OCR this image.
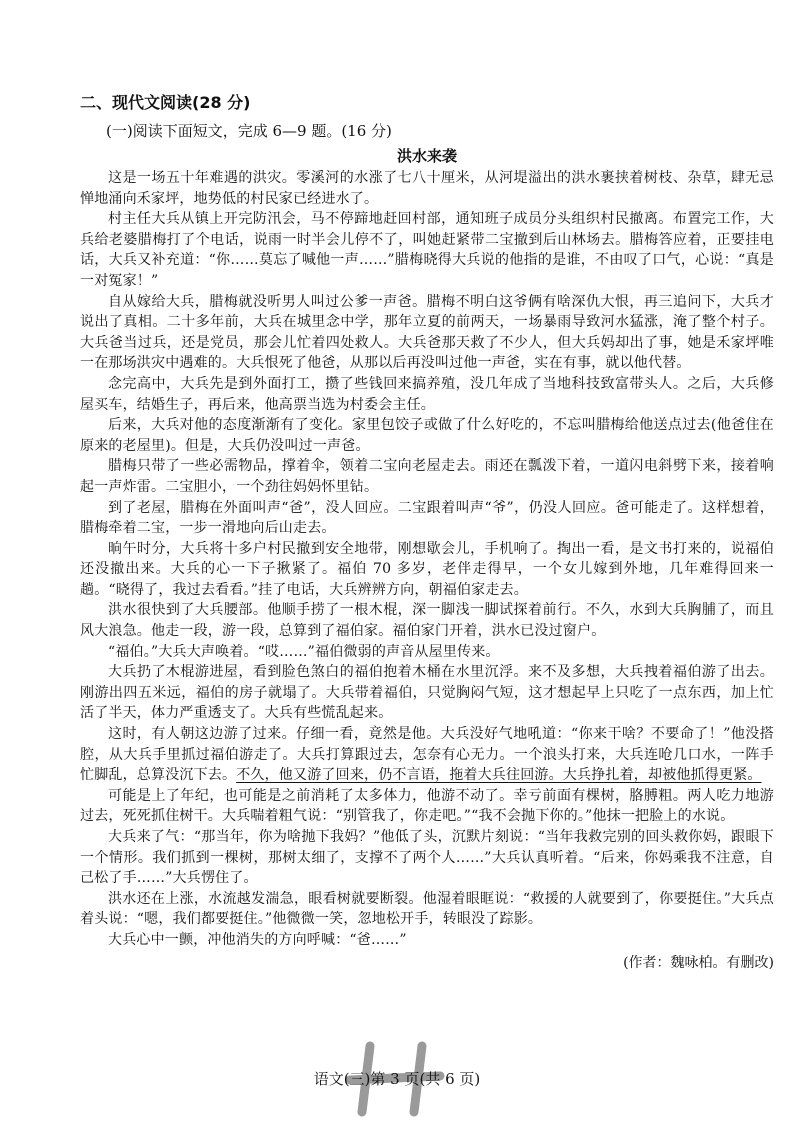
二、现代文阅读(28 分)
(一)阅读下面短文，完成 6—9 题。(16 分)
洪水来袭

这是一场五十年难遇的洪灾。零溪河的水涨了七八十厘米，从河堤溢出的洪水裹挟着树枝、杂草，肆无忌惮地涌向禾家坪，地势低的村民家已经进水了。

村主任大兵从镇上开完防汛会，马不停蹄地赶回村部，通知班子成员分头组织村民撤离。布置完工作，大兵给老婆腊梅打了个电话，说雨一时半会儿停不了，叫她赶紧带二宝撤到后山林场去。腊梅答应着，正要挂电话，大兵又补充道：“你……莫忘了喊他一声……”腊梅晓得大兵说的他指的是谁，不由叹了口气，心说：“真是一对冤家！”

自从嫁给大兵，腊梅就没听男人叫过公爹一声爸。腊梅不明白这爷俩有啥深仇大恨，再三追问下，大兵才说出了真相。二十多年前，大兵在城里念中学，那年立夏的前两天，一场暴雨导致河水猛涨，淹了整个村子。大兵爸当过兵，还是党员，那会儿忙着四处救人。大兵爸那天救了不少人，但大兵妈却出了事，她是禾家坪唯一在那场洪灾中遇难的。大兵恨死了他爸，从那以后再没叫过他一声爸，实在有事，就以他代替。

念完高中，大兵先是到外面打工，攒了些钱回来搞养殖，没几年成了当地科技致富带头人。之后，大兵修屋买车，结婚生子，再后来，他高票当选为村委会主任。

后来，大兵对他的态度渐渐有了变化。家里包饺子或做了什么好吃的，不忘叫腊梅给他送点过去(他爸住在原来的老屋里)。但是，大兵仍没叫过一声爸。

腊梅只带了一些必需物品，撑着伞，领着二宝向老屋走去。雨还在瓢泼下着，一道闪电斜劈下来，接着响起一声炸雷。二宝胆小，一个劲往妈妈怀里钻。

到了老屋，腊梅在外面叫声“爸”，没人回应。二宝跟着叫声“爷”，仍没人回应。爸可能走了。这样想着，腊梅牵着二宝，一步一滑地向后山走去。

晌午时分，大兵将十多户村民撤到安全地带，刚想歇会儿，手机响了。掏出一看，是文书打来的，说福伯还没撤出来。大兵的心一下子揪紧了。福伯 70 多岁，老伴走得早，一个女儿嫁到外地，几年难得回来一趟。“晓得了，我过去看看。”挂了电话，大兵辨辨方向，朝福伯家走去。

洪水很快到了大兵腰部。他顺手捞了一根木棍，深一脚浅一脚试探着前行。不久，水到大兵胸脯了，而且风大浪急。他走一段，游一段，总算到了福伯家。福伯家门开着，洪水已没过窗户。

“福伯。”大兵大声唤着。“哎……”福伯微弱的声音从屋里传来。

大兵扔了木棍游进屋，看到脸色煞白的福伯抱着木桶在水里沉浮。来不及多想，大兵拽着福伯游了出去。刚游出四五米远，福伯的房子就塌了。大兵带着福伯，只觉胸闷气短，这才想起早上只吃了一点东西，加上忙活了半天，体力严重透支了。大兵有些慌乱起来。

这时，有人朝这边游了过来。仔细一看，竟然是他。大兵没好气地吼道：“你来干啥？不要命了！”他没搭腔，从大兵手里抓过福伯游走了。大兵打算跟过去，怎奈有心无力。一个浪头打来，大兵连呛几口水，一阵手忙脚乱，总算没沉下去。不久，他又游了回来，仍不言语，拖着大兵往回游。大兵挣扎着，却被他抓得更紧。

可能是上了年纪，也可能是之前消耗了太多体力，他游不动了。幸亏前面有棵树，胳膊粗。两人吃力地游过去，死死抓住树干。大兵喘着粗气说：“别管我了，你走吧。”“我不会抛下你的。”他抹一把脸上的水说。

大兵来了气：“那当年，你为啥抛下我妈？”他低了头，沉默片刻说：“当年我救完别的回头救你妈，跟眼下一个情形。我们抓到一棵树，那树太细了，支撑不了两个人……”大兵认真听着。“后来，你妈乘我不注意，自己松了手……”大兵愣住了。

洪水还在上涨，水流越发湍急，眼看树就要断裂。他湿着眼眶说：“救援的人就要到了，你要挺住。”大兵点着头说：“嗯，我们都要挺住。”他微微一笑，忽地松开手，转眼没了踪影。

大兵心中一颤，冲他消失的方向呼喊：“爸……”

(作者：魏咏柏。有删改)
语文(三)第 3 页(共 6 页)
